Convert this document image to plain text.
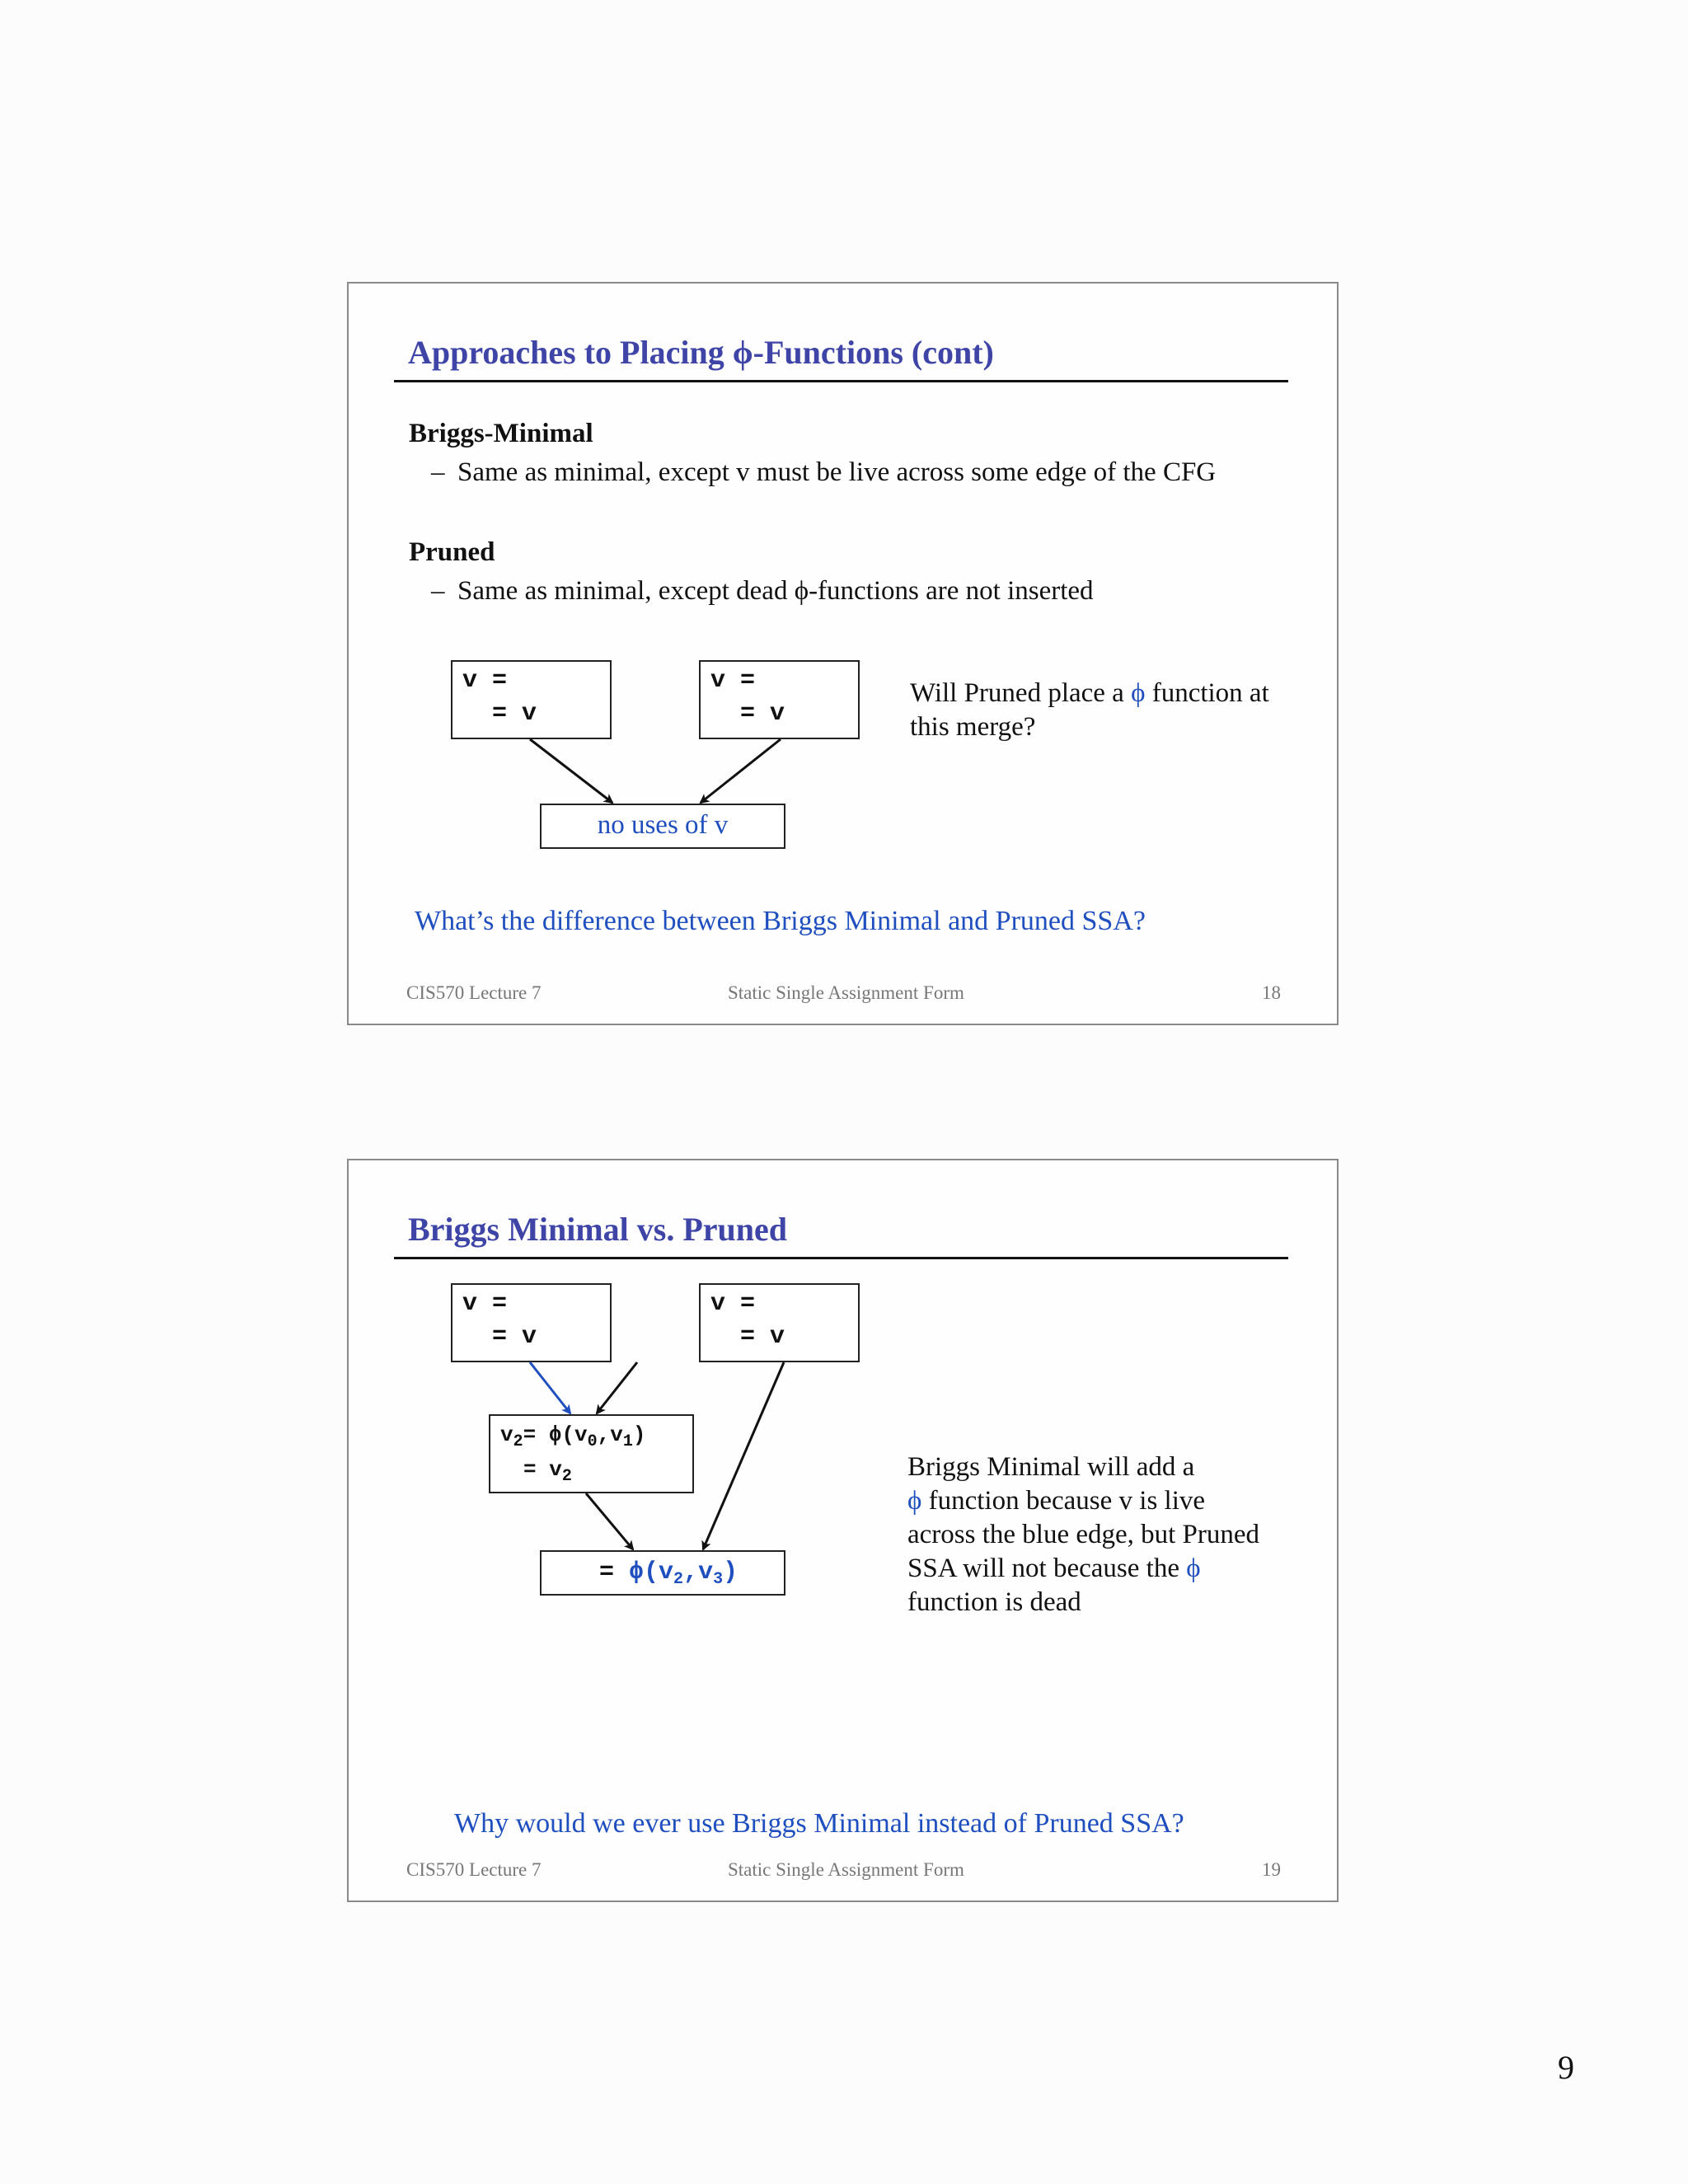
Approaches to Placing ϕ-Functions (cont)
Briggs-Minimal
– Same as minimal, except v must be live across some edge of the CFG
Pruned
– Same as minimal, except dead ϕ-functions are not inserted
v =
= v
v =
= v
no uses of v
Will Pruned place a ϕ function at this merge?
What’s the difference between Briggs Minimal and Pruned SSA?
CIS570 Lecture 7	Static Single Assignment Form	18
Briggs Minimal vs. Pruned
v =
= v
v =
= v
$v_2= \phi(v_0,v_1)$
= $v_2$
= $\phi(v_2,v_3)$
Briggs Minimal will add a
ϕ function because v is live
across the blue edge, but Pruned
SSA will not because the ϕ
function is dead
Why would we ever use Briggs Minimal instead of Pruned SSA?
CIS570 Lecture 7	Static Single Assignment Form	19
9
